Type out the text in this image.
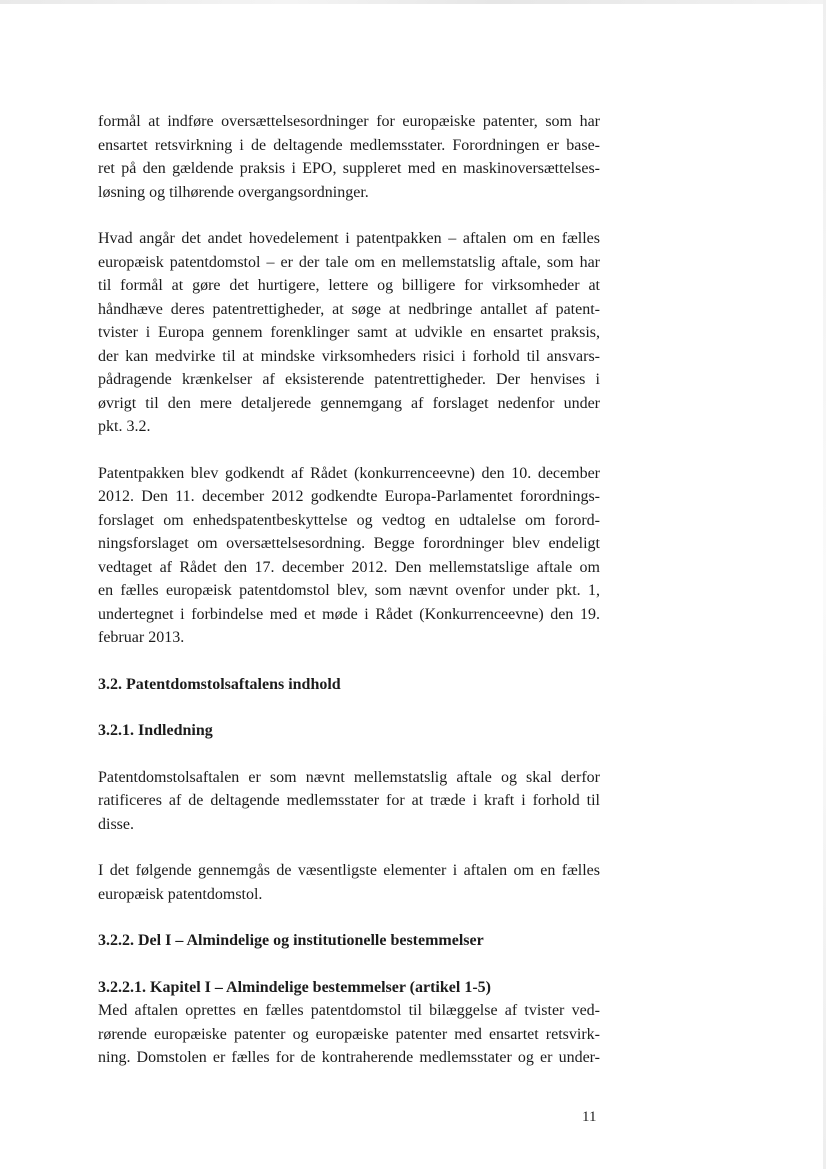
formål at indføre oversættelsesordninger for europæiske patenter, som har
ensartet retsvirkning i de deltagende medlemsstater. Forordningen er base-
ret på den gældende praksis i EPO, suppleret med en maskinoversættelses-
løsning og tilhørende overgangsordninger.

Hvad angår det andet hovedelement i patentpakken – aftalen om en fælles
europæisk patentdomstol – er der tale om en mellemstatslig aftale, som har
til formål at gøre det hurtigere, lettere og billigere for virksomheder at
håndhæve deres patentrettigheder, at søge at nedbringe antallet af patent-
tvister i Europa gennem forenklinger samt at udvikle en ensartet praksis,
der kan medvirke til at mindske virksomheders risici i forhold til ansvars-
pådragende krænkelser af eksisterende patentrettigheder. Der henvises i
øvrigt til den mere detaljerede gennemgang af forslaget nedenfor under
pkt. 3.2.

Patentpakken blev godkendt af Rådet (konkurrenceevne) den 10. december
2012. Den 11. december 2012 godkendte Europa-Parlamentet forordnings-
forslaget om enhedspatentbeskyttelse og vedtog en udtalelse om forord-
ningsforslaget om oversættelsesordning. Begge forordninger blev endeligt
vedtaget af Rådet den 17. december 2012. Den mellemstatslige aftale om
en fælles europæisk patentdomstol blev, som nævnt ovenfor under pkt. 1,
undertegnet i forbindelse med et møde i Rådet (Konkurrenceevne) den 19.
februar 2013.

3.2. Patentdomstolsaftalens indhold
3.2.1. Indledning

Patentdomstolsaftalen er som nævnt mellemstatslig aftale og skal derfor
ratificeres af de deltagende medlemsstater for at træde i kraft i forhold til
disse.

I det følgende gennemgås de væsentligste elementer i aftalen om en fælles
europæisk patentdomstol.

3.2.2. Del I – Almindelige og institutionelle bestemmelser
3.2.2.1. Kapitel I – Almindelige bestemmelser (artikel 1-5)

Med aftalen oprettes en fælles patentdomstol til bilæggelse af tvister ved-
rørende europæiske patenter og europæiske patenter med ensartet retsvirk-
ning. Domstolen er fælles for de kontraherende medlemsstater og er under-

11
